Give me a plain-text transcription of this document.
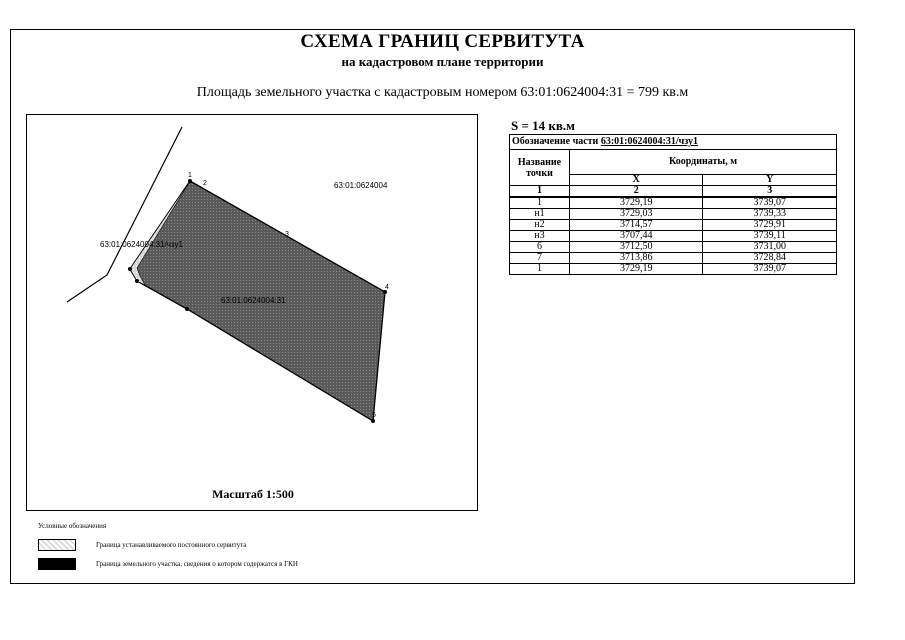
СХЕМА ГРАНИЦ СЕРВИТУТА
на кадастровом плане территории
Площадь земельного участка с кадастровым номером 63:01:0624004:31 = 799 кв.м
1
2
3
4
5
63:01:0624004
63:01:0624004:31/чзу1
63:01:0624004:31
Масштаб 1:500
S = 14 кв.м
Обозначение части 63:01:0624004:31/чзу1		
Название точки	Координаты, м	
	X	Y
1	2	3
1	3729,19	3739,07
н1	3729,03	3739,33
н2	3714,57	3729,91
н3	3707,44	3739,11
6	3712,50	3731,00
7	3713,86	3728,84
1	3729,19	3739,07
Условные обозначения
Граница устанавливаемого постоянного сервитута
Граница земельного участка, сведения о котором содержатся в ГКН
